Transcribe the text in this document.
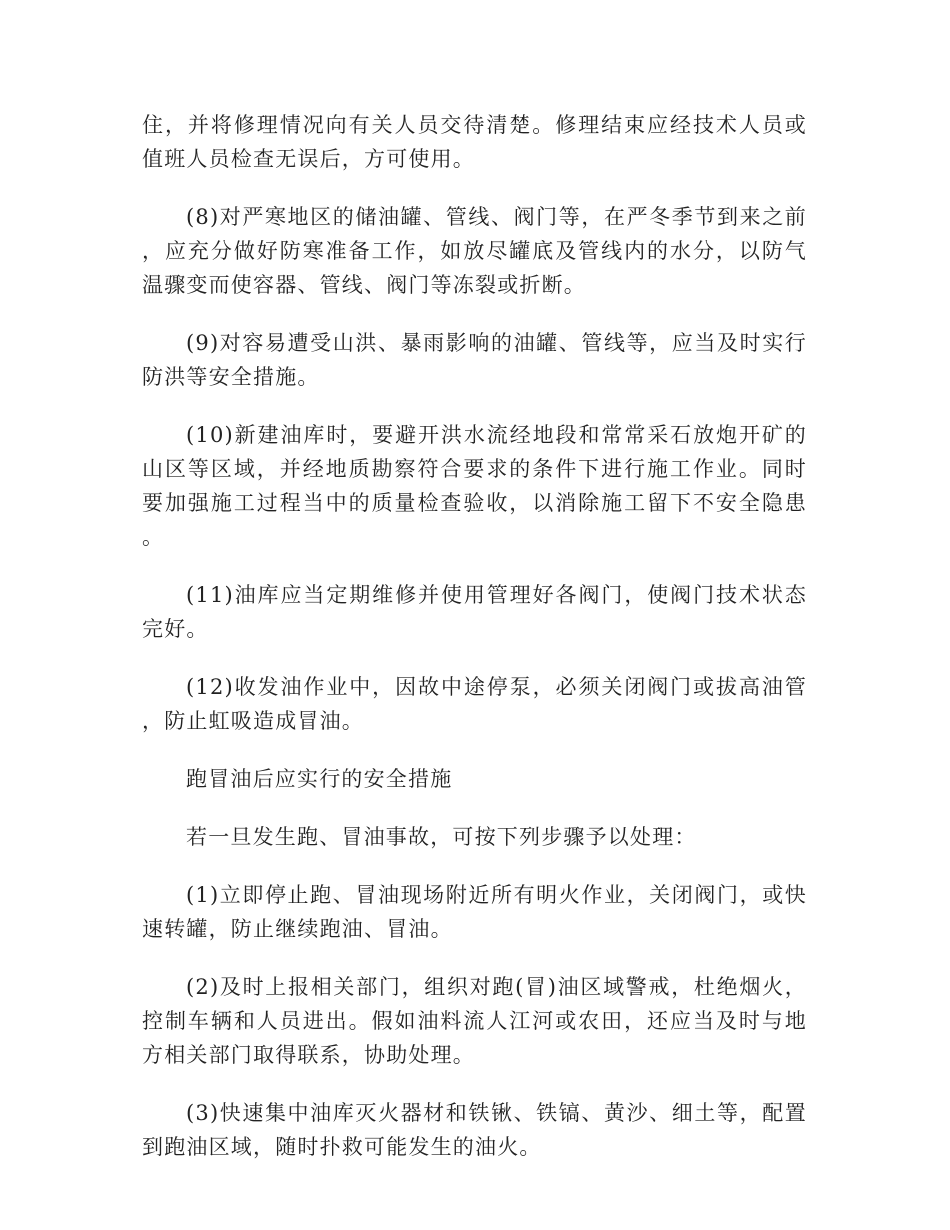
住，并将修理情况向有关人员交待清楚。修理结束应经技术人员或值班人员检查无误后，方可使用。

(8)对严寒地区的储油罐、管线、阀门等，在严冬季节到来之前，应充分做好防寒准备工作，如放尽罐底及管线内的水分，以防气温骤变而使容器、管线、阀门等冻裂或折断。

(9)对容易遭受山洪、暴雨影响的油罐、管线等，应当及时实行防洪等安全措施。

(10)新建油库时，要避开洪水流经地段和常常采石放炮开矿的山区等区域，并经地质勘察符合要求的条件下进行施工作业。同时要加强施工过程当中的质量检查验收，以消除施工留下不安全隐患。

(11)油库应当定期维修并使用管理好各阀门，使阀门技术状态完好。

(12)收发油作业中，因故中途停泵，必须关闭阀门或拔高油管，防止虹吸造成冒油。

跑冒油后应实行的安全措施

若一旦发生跑、冒油事故，可按下列步骤予以处理：

(1)立即停止跑、冒油现场附近所有明火作业，关闭阀门，或快速转罐，防止继续跑油、冒油。

(2)及时上报相关部门，组织对跑(冒)油区域警戒，杜绝烟火，控制车辆和人员进出。假如油料流人江河或农田，还应当及时与地方相关部门取得联系，协助处理。

(3)快速集中油库灭火器材和铁锹、铁镐、黄沙、细土等，配置到跑油区域，随时扑救可能发生的油火。
